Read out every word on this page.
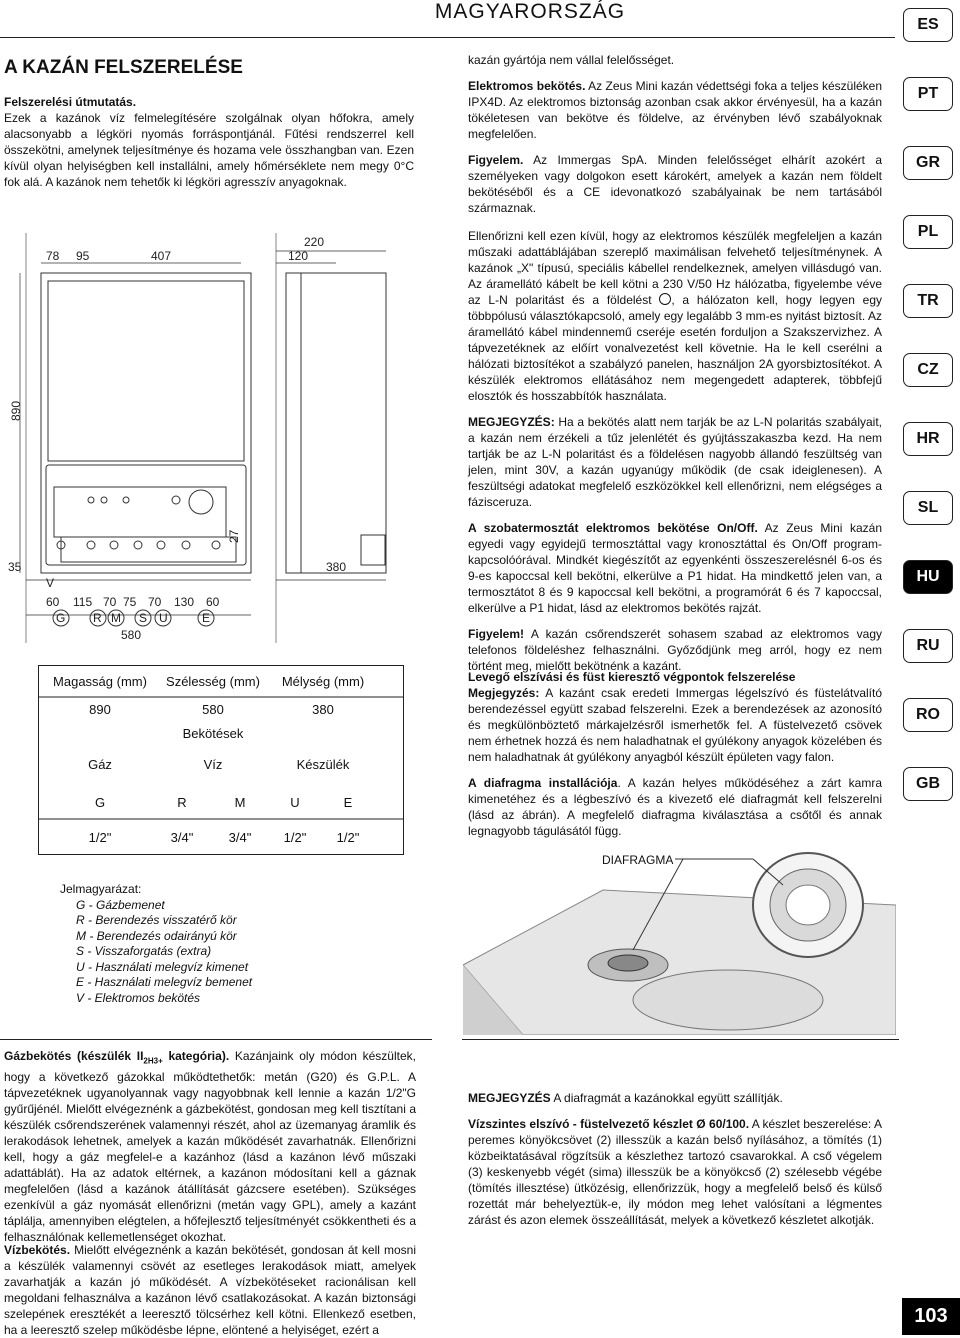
MAGYARORSZÁG
ES
PT
GR
PL
TR
CZ
HR
SL
HU
RU
RO
GB
A KAZÁN FELSZERELÉSE
Felszerelési útmutatás.
Ezek a kazánok víz felmelegítésére szolgálnak olyan hőfokra, amely alacsonyabb a légköri nyomás forráspontjánál. Fűtési rendszerrel kell összekötni, amelynek teljesítménye és hozama vele összhangban van. Ezen kívül olyan helyiségben kell installálni, amely hőmérséklete nem megy 0°C fok alá. A kazánok nem tehetők ki légköri agresszív anyagoknak.
78 95	407
220
120
890
27
35	380
V
60 115 70 75 70 130 60
G R M S U	E
580
Magasság (mm) Szélesség (mm) Mélység (mm)
890	580	380
Bekötések
Gáz	Víz	Készülék
G	R	M	U	E
1/2"	3/4"	3/4" 1/2" 1/2"
Jelmagyarázat:
G - Gázbemenet
R - Berendezés visszatérő kör
M - Berendezés odairányú kör
S - Visszaforgatás (extra)
U - Használati melegvíz kimenet
E - Használati melegvíz bemenet
V - Elektromos bekötés
Gázbekötés (készülék $II_{2H3+}$ kategória). Kazánjaink oly módon készültek, hogy a következő gázokkal működtethetők: metán (G20) és G.P.L. A tápvezetéknek ugyanolyannak vagy nagyobbnak kell lennie a kazán 1/2"G gyűrűjénél. Mielőtt elvégeznénk a gázbekötést, gondosan meg kell tisztítani a készülék csőrendszerének valamennyi részét, ahol az üzemanyag áramlik és lerakodások lehetnek, amelyek a kazán működését zavarhatnák. Ellenőrizni kell, hogy a gáz megfelel-e a kazánhoz (lásd a kazánon lévő műszaki adattáblát). Ha az adatok eltérnek, a kazánon módosítani kell a gáznak megfelelően (lásd a kazánok átállítását gázcsere esetében). Szükséges ezenkívül a gáz nyomását ellenőrizni (metán vagy GPL), amely a kazánt táplálja, amennyiben elégtelen, a hőfejlesztő teljesítményét csökkentheti és a felhasználónak kellemetlenséget okozhat.
Vízbekötés. Mielőtt elvégeznénk a kazán bekötését, gondosan át kell mosni a készülék valamennyi csövét az esetleges lerakodások miatt, amelyek zavarhatják a kazán jó működését. A vízbekötéseket racionálisan kell megoldani felhasználva a kazánon lévő csatlakozásokat. A kazán biztonsági szelepének eresztékét a leeresztő tölcsérhez kell kötni. Ellenkező esetben, ha a leeresztő szelep működésbe lépne, elöntené a helyiséget, ezért a
kazán gyártója nem vállal felelősséget.
Elektromos bekötés. Az Zeus Mini kazán védettségi foka a teljes készüléken IPX4D. Az elektromos biztonság azonban csak akkor érvényesül, ha a kazán tökéletesen van bekötve és földelve, az érvényben lévő szabályoknak megfelelően.
Figyelem. Az Immergas SpA. Minden felelősséget elhárít azokért a személyeken vagy dolgokon esett károkért, amelyek a kazán nem földelt bekötéséből és a CE idevonatkozó szabályainak be nem tartásából származnak.
Ellenőrizni kell ezen kívül, hogy az elektromos készülék megfeleljen a kazán műszaki adattáblájában szereplő maximálisan felvehető teljesítménynek. A kazánok „X" típusú, speciális kábellel rendelkeznek, amelyen villásdugó van. Az áramellátó kábelt be kell kötni a 230 V/50 Hz hálózatba, figyelembe véve az L-N polaritást és a földelést , a hálózaton kell, hogy legyen egy többpólusú választókapcsoló, amely egy legalább 3 mm-es nyitást biztosít. Az áramellátó kábel mindennemű cseréje esetén forduljon a Szakszervizhez. A tápvezetéknek az előírt vonalvezetést kell követnie. Ha le kell cserélni a hálózati biztosítékot a szabályzó panelen, használjon 2A gyorsbiztosítékot. A készülék elektromos ellátásához nem megengedett adapterek, többfejű elosztók és hosszabbítók használata.
MEGJEGYZÉS: Ha a bekötés alatt nem tarják be az L-N polaritás szabályait, a kazán nem érzékeli a tűz jelenlétét és gyújtásszakaszba kezd. Ha nem tartják be az L-N polaritást és a földelésen nagyobb állandó feszültség van jelen, mint 30V, a kazán ugyanúgy működik (de csak ideiglenesen). A feszültségi adatokat megfelelő eszközökkel kell ellenőrizni, nem elégséges a fázisceruza.
A szobatermosztát elektromos bekötése On/Off. Az Zeus Mini kazán egyedi vagy egyidejű termosztáttal vagy kronosztáttal és On/Off program-kapcsolóórával. Mindkét kiegészítőt az egyenkénti összeszerelésnél 6-os és 9-es kapoccsal kell bekötni, elkerülve a P1 hidat. Ha mindkettő jelen van, a termosztátot 8 és 9 kapoccsal kell bekötni, a programórát 6 és 7 kapoccsal, elkerülve a P1 hidat, lásd az elektromos bekötés rajzát.
Figyelem! A kazán csőrendszerét sohasem szabad az elektromos vagy telefonos földeléshez felhasználni. Győződjünk meg arról, hogy ez nem történt meg, mielőtt bekötnénk a kazánt.
Levegő elszívási és füst kieresztő végpontok felszerelése
Megjegyzés: A kazánt csak eredeti Immergas légelszívó és füstelátvalító berendezéssel együtt szabad felszerelni. Ezek a berendezések az azonosító és megkülönböztető márkajelzésről ismerhetők fel. A füstelvezető csövek nem érhetnek hozzá és nem haladhatnak el gyúlékony anyagok közelében és nem haladhatnak át gyúlékony anyagból készült épületen vagy falon.
A diafragma installációja. A kazán helyes működéséhez a zárt kamra kimenetéhez és a légbeszívó és a kivezető elé diafragmát kell felszerelni (lásd az ábrán). A megfelelő diafragma kiválasztása a csőtől és annak legnagyobb tágulásától függ.
DIAFRAGMA
MEGJEGYZÉS A diafragmát a kazánokkal együtt szállítják.
Vízszintes elszívó - füstelvezető készlet Ø 60/100. A készlet beszerelése: A peremes könyökcsövet (2) illesszük a kazán belső nyílásához, a tömítés (1) közbeiktatásával rögzítsük a készlethez tartozó csavarokkal. A cső végelem (3) keskenyebb végét (sima) illesszük be a könyökcső (2) szélesebb végébe (tömítés illesztése) ütközésig, ellenőrizzük, hogy a megfelelő belső és külső rozettát már behelyeztük-e, ily módon meg lehet valósítani a légmentes zárást és azon elemek összeállítását, melyek a következő készletet alkotják.
103
